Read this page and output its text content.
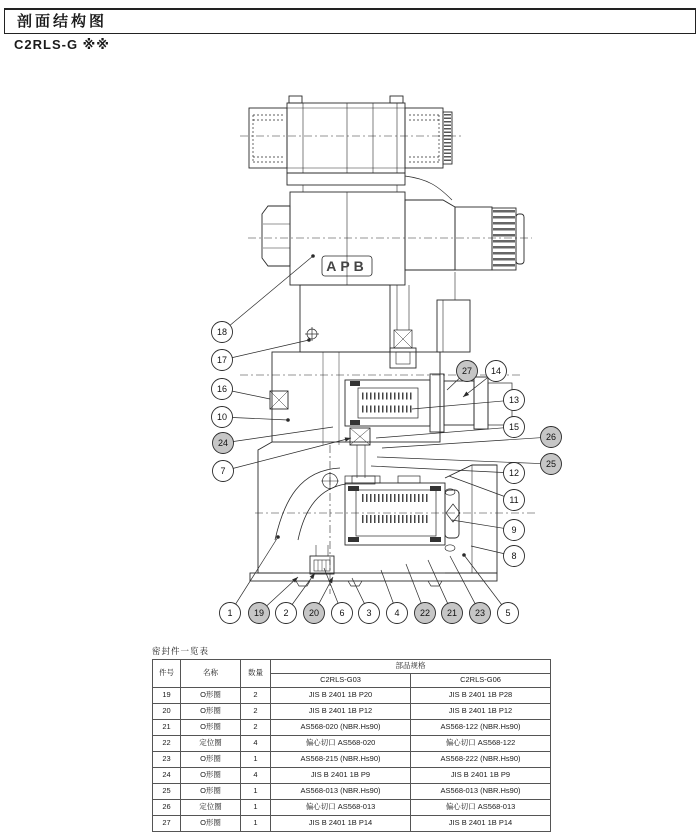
剖面结构图
C2RLS-G ※※
APB
18
17
16
10
24
7
27 14
13
15
26
25
12
11
9
8
1 19 2 20 6 3	4 22 21 23 5
密封件一览表
件号	名称	数量	部品规格	
			C2RLS-G03	C2RLS-G06
19	O形圈	2	JIS B 2401 1B P20	JIS B 2401 1B P28
20	O形圈	2	JIS B 2401 1B P12	JIS B 2401 1B P12
21	O形圈	2	AS568-020 (NBR.Hs90)	AS568-122 (NBR.Hs90)
22	定位圈	4	偏心切口 AS568-020	偏心切口 AS568-122
23	O形圈	1	AS568-215 (NBR.Hs90)	AS568-222 (NBR.Hs90)
24	O形圈	4	JIS B 2401 1B P9	JIS B 2401 1B P9
25	O形圈	1	AS568-013 (NBR.Hs90)	AS568-013 (NBR.Hs90)
26	定位圈	1	偏心切口 AS568-013	偏心切口 AS568-013
27	O形圈	1	JIS B 2401 1B P14	JIS B 2401 1B P14
